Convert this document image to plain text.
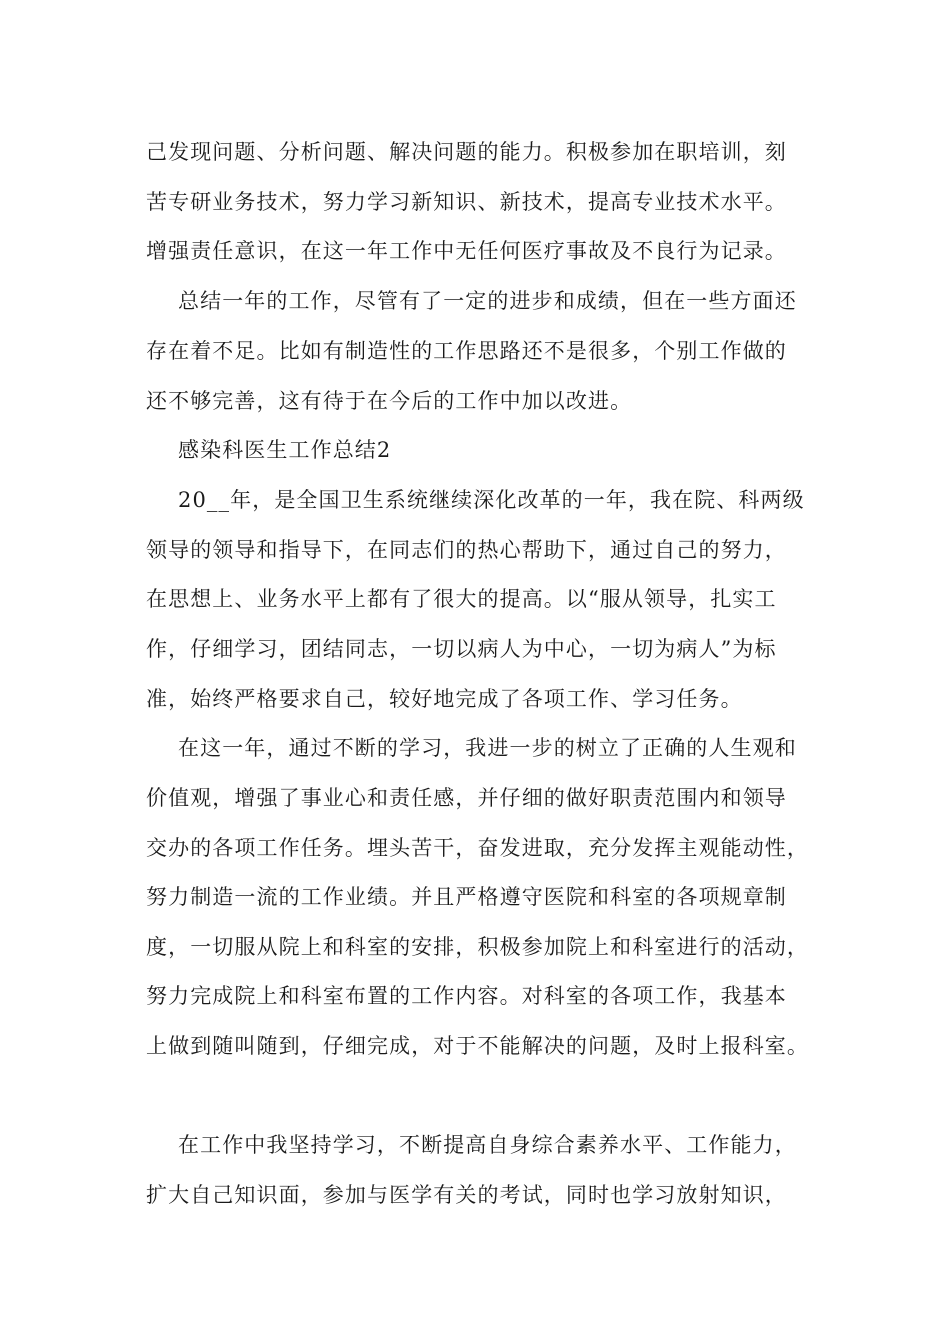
己发现问题、分析问题、解决问题的能力。积极参加在职培训，刻
苦专研业务技术，努力学习新知识、新技术，提高专业技术水平。
增强责任意识，在这一年工作中无任何医疗事故及不良行为记录。
总结一年的工作，尽管有了一定的进步和成绩，但在一些方面还
存在着不足。比如有制造性的工作思路还不是很多，个别工作做的
还不够完善，这有待于在今后的工作中加以改进。
感染科医生工作总结2
20__年，是全国卫生系统继续深化改革的一年，我在院、科两级
领导的领导和指导下，在同志们的热心帮助下，通过自己的努力，
在思想上、业务水平上都有了很大的提高。以“服从领导，扎实工
作，仔细学习，团结同志，一切以病人为中心，一切为病人”为标
准，始终严格要求自己，较好地完成了各项工作、学习任务。
在这一年，通过不断的学习，我进一步的树立了正确的人生观和
价值观，增强了事业心和责任感，并仔细的做好职责范围内和领导
交办的各项工作任务。埋头苦干，奋发进取，充分发挥主观能动性，
努力制造一流的工作业绩。并且严格遵守医院和科室的各项规章制
度，一切服从院上和科室的安排，积极参加院上和科室进行的活动，
努力完成院上和科室布置的工作内容。对科室的各项工作，我基本
上做到随叫随到，仔细完成，对于不能解决的问题，及时上报科室。
在工作中我坚持学习，不断提高自身综合素养水平、工作能力，
扩大自己知识面，参加与医学有关的考试，同时也学习放射知识，
